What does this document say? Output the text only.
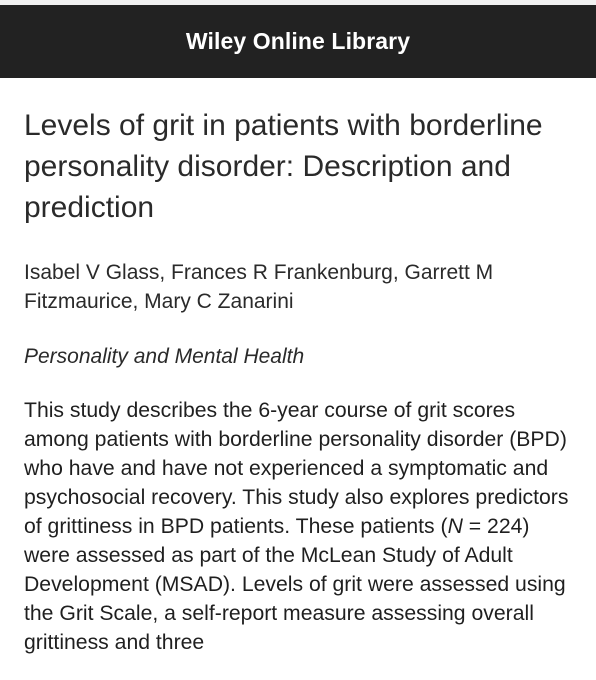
Wiley Online Library
Levels of grit in patients with borderline personality disorder: Description and prediction

Isabel V Glass, Frances R Frankenburg, Garrett M Fitzmaurice, Mary C Zanarini

Personality and Mental Health

This study describes the 6-year course of grit scores among patients with borderline personality disorder (BPD) who have and have not experienced a symptomatic and psychosocial recovery. This study also explores predictors of grittiness in BPD patients. These patients (N = 224) were assessed as part of the McLean Study of Adult Development (MSAD). Levels of grit were assessed using the Grit Scale, a self-report measure assessing overall grittiness and three
